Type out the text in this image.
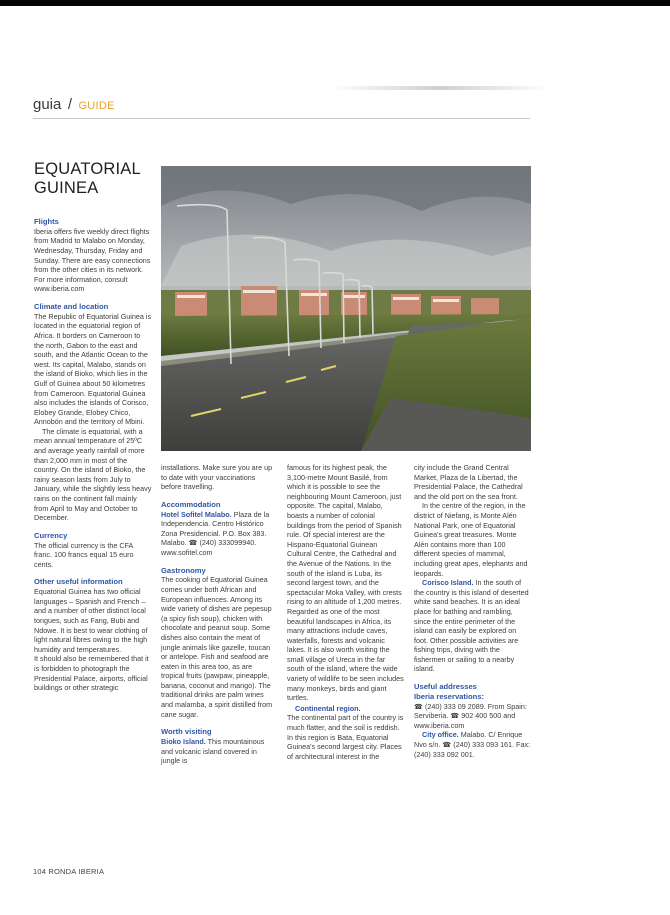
guia / GUIDE
EQUATORIAL GUINEA
Flights
Iberia offers five weekly direct flights from Madrid to Malabo on Monday, Wednesday, Thursday, Friday and Sunday. There are easy connections from the other cities in its network. For more information, consult www.iberia.com
Climate and location
The Republic of Equatorial Guinea is located in the equatorial region of Africa. It borders on Cameroon to the north, Gabon to the east and south, and the Atlantic Ocean to the west. Its capital, Malabo, stands on the island of Bioko, which lies in the Gulf of Guinea about 50 kilometres from Cameroon. Equatorial Guinea also includes the islands of Corisco, Elobey Grande, Elobey Chico, Annobón and the territory of Mbini.
The climate is equatorial, with a mean annual temperature of 25ºC and average yearly rainfall of more than 2,000 mm in most of the country. On the island of Bioko, the rainy season lasts from July to January, while the slightly less heavy rains on the continent fall mainly from April to May and October to December.
Currency
The official currency is the CFA franc. 100 francs equal 15 euro cents.
Other useful information
Equatorial Guinea has two official languages – Spanish and French – and a number of other distinct local tongues, such as Fang, Bubi and Ndowe. It is best to wear clothing of light natural fibres owing to the high humidity and temperatures.
It should also be remembered that it is forbidden to photograph the Presidential Palace, airports, official buildings or other strategic
installations. Make sure you are up to date with your vaccinations before travelling.
Accommodation
Hotel Sofitel Malabo. Plaza de la Independencia. Centro Histórico Zona Presidencial. P.O. Box 383. Malabo. ☎ (240) 333099940. www.sofitel.com
Gastronomy
The cooking of Equatorial Guinea comes under both African and European influences. Among its wide variety of dishes are pepesup (a spicy fish soup), chicken with chocolate and peanut soup. Some dishes also contain the meat of jungle animals like gazelle, toucan or antelope. Fish and seafood are eaten in this area too, as are tropical fruits (pawpaw, pineapple, banana, coconut and mango). The traditional drinks are palm wines and malamba, a spirit distilled from cane sugar.
Worth visiting
Bioko Island. This mountainous and volcanic island covered in jungle is
famous for its highest peak, the 3,100-metre Mount Basilé, from which it is possible to see the neighbouring Mount Cameroon, just opposite. The capital, Malabo, boasts a number of colonial buildings from the period of Spanish rule. Of special interest are the Hispano-Equatorial Guinean Cultural Centre, the Cathedral and the Avenue of the Nations. In the south of the island is Luba, its second largest town, and the spectacular Moka Valley, with crests rising to an altitude of 1,200 metres. Regarded as one of the most beautiful landscapes in Africa, its many attractions include caves, waterfalls, forests and volcanic lakes. It is also worth visiting the small village of Ureca in the far south of the island, where the wide variety of wildlife to be seen includes many monkeys, birds and giant turtles.
Continental region.
The continental part of the country is much flatter, and the soil is reddish. In this region is Bata, Equatorial Guinea's second largest city. Places of architectural interest in the
city include the Grand Central Market, Plaza de la Libertad, the Presidential Palace, the Cathedral and the old port on the sea front.
In the centre of the region, in the district of Niefang, is Monte Alén National Park, one of Equatorial Guinea's great treasures. Monte Alén contains more than 100 different species of mammal, including great apes, elephants and leopards.
Corisco Island. In the south of the country is this island of deserted white sand beaches. It is an ideal place for bathing and rambling, since the entire perimeter of the island can easily be explored on foot. Other possible activities are fishing trips, diving with the fishermen or sailing to a nearby island.
Useful addresses
Iberia reservations:
☎ (240) 333 09 2089. From Spain: Serviberia. ☎ 902 400 500 and www.iberia.com
City office. Malabo. C/ Enrique Nvo s/n. ☎ (240) 333 093 161. Fax: (240) 333 092 001.
104 RONDA IBERIA
